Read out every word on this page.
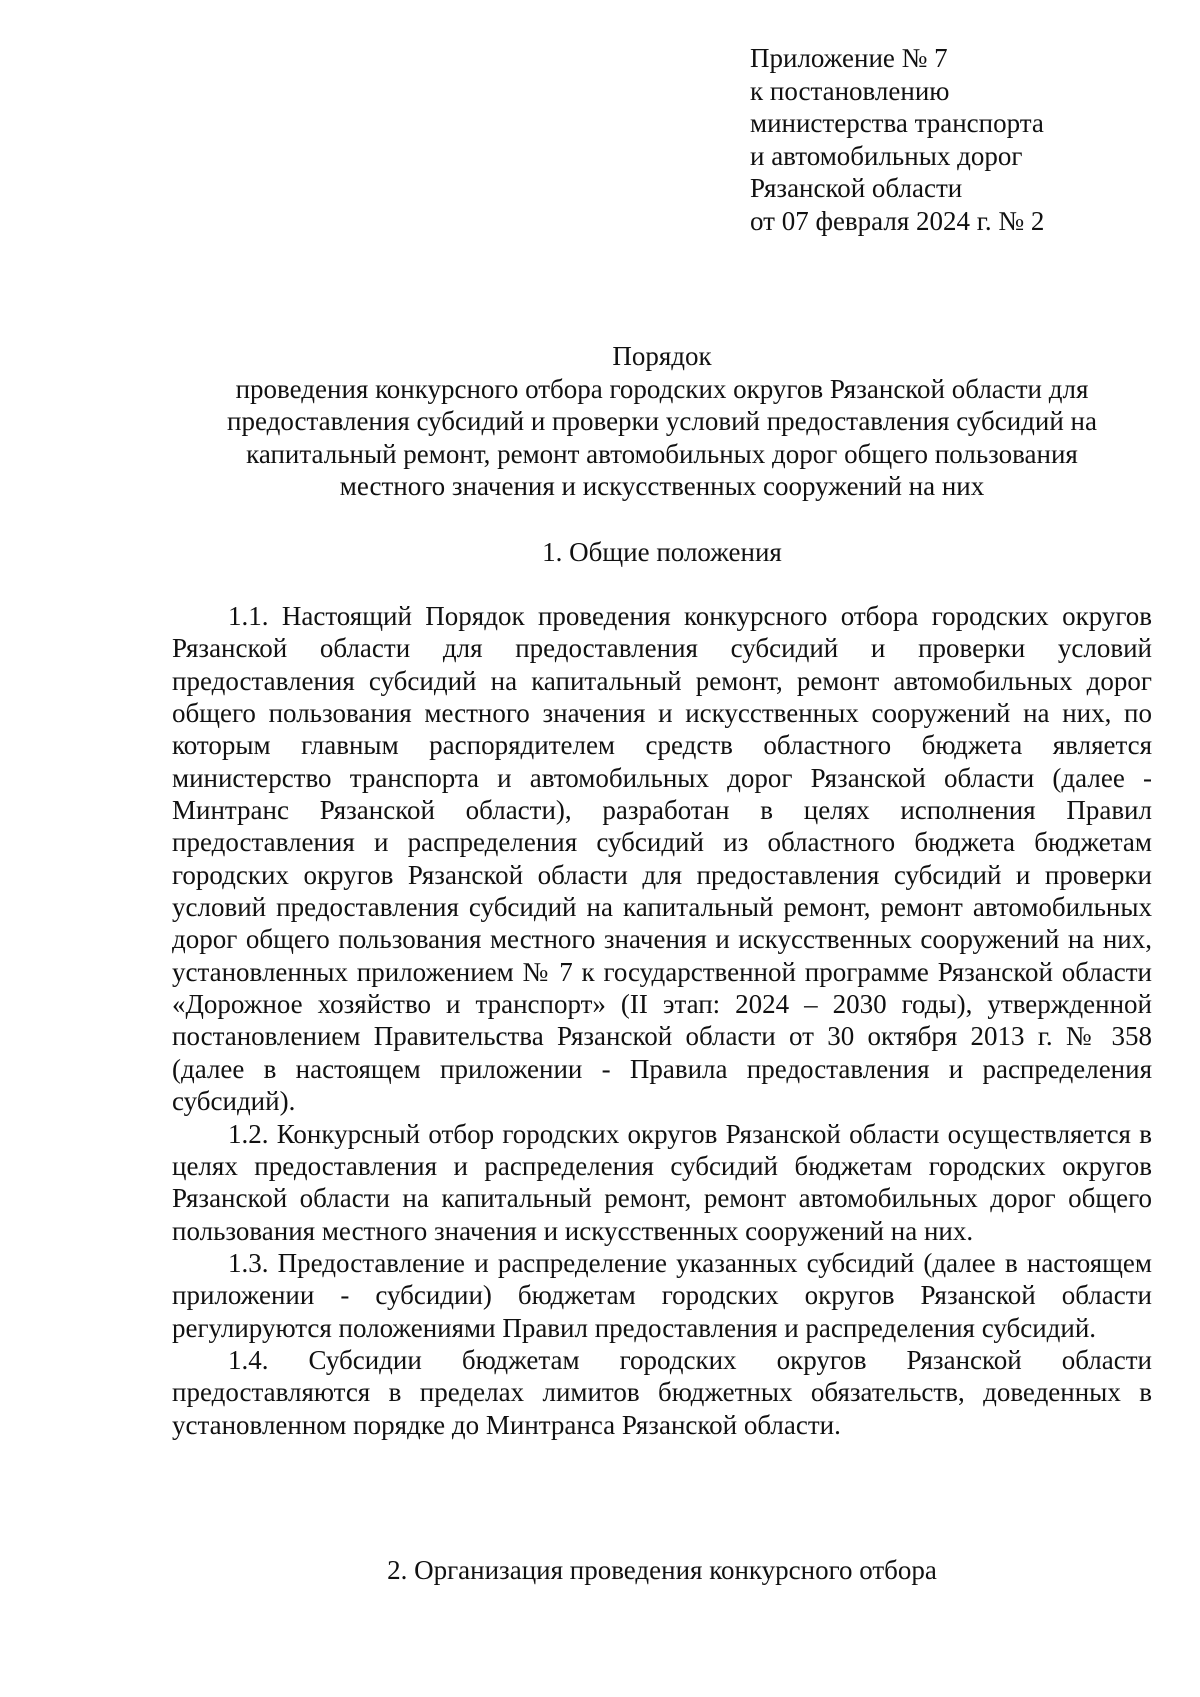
Приложение № 7
к постановлению
министерства транспорта
и автомобильных дорог
Рязанской области
от 07 февраля 2024 г. № 2
Порядок
проведения конкурсного отбора городских округов Рязанской области для
предоставления субсидий и проверки условий предоставления субсидий на
капитальный ремонт, ремонт автомобильных дорог общего пользования
местного значения и искусственных сооружений на них
1. Общие положения

1.1. Настоящий Порядок проведения конкурсного отбора городских округов Рязанской области для предоставления субсидий и проверки условий предоставления субсидий на капитальный ремонт, ремонт автомобильных дорог общего пользования местного значения и искусственных сооружений на них, по которым главным распорядителем средств областного бюджета является министерство транспорта и автомобильных дорог Рязанской области (далее - Минтранс Рязанской области), разработан в целях исполнения Правил предоставления и распределения субсидий из областного бюджета бюджетам городских округов Рязанской области для предоставления субсидий и проверки условий предоставления субсидий на капитальный ремонт, ремонт автомобильных дорог общего пользования местного значения и искусственных сооружений на них, установленных приложением № 7 к государственной программе Рязанской области «Дорожное хозяйство и транспорт» (II этап: 2024 – 2030 годы), утвержденной постановлением Правительства Рязанской области от 30 октября 2013 г. № 358 (далее в настоящем приложении - Правила предоставления и распределения субсидий).

1.2. Конкурсный отбор городских округов Рязанской области осуществляется в целях предоставления и распределения субсидий бюджетам городских округов Рязанской области на капитальный ремонт, ремонт автомобильных дорог общего пользования местного значения и искусственных сооружений на них.

1.3. Предоставление и распределение указанных субсидий (далее в настоящем приложении - субсидии) бюджетам городских округов Рязанской области регулируются положениями Правил предоставления и распределения субсидий.

1.4. Субсидии бюджетам городских округов Рязанской области предоставляются в пределах лимитов бюджетных обязательств, доведенных в установленном порядке до Минтранса Рязанской области.

2. Организация проведения конкурсного отбора
